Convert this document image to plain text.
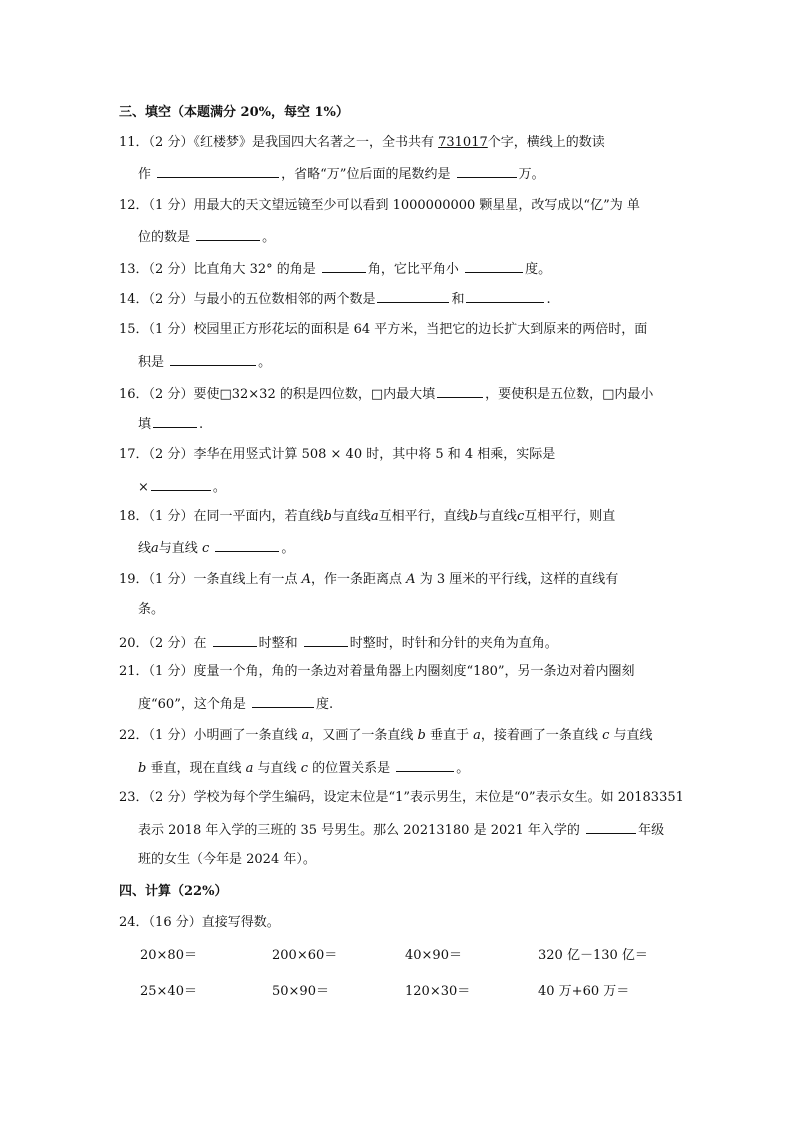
三、填空（本题满分 20%，每空 1%）
11．（2 分）《红楼梦》是我国四大名著之一，全书共有 731017个字，横线上的数读
作	，省略“万”位后面的尾数约是	万。
12．（1 分）用最大的天文望远镜至少可以看到 1000000000 颗星星，改写成以“亿”为 单
位的数是	。
13．（2 分）比直角大 32° 的角是	角，它比平角小	度。
14．（2 分）与最小的五位数相邻的两个数是	和	.
15．（1 分）校园里正方形花坛的面积是 64 平方米，当把它的边长扩大到原来的两倍时，面
积是	。
16．（2 分）要使□32×32 的积是四位数，□内最大填	，要使积是五位数，□内最小
填	.
17．（2 分）李华在用竖式计算 508 × 40 时，其中将 5 和 4 相乘，实际是
×	。
18．（1 分）在同一平面内，若直线b与直线a互相平行，直线b与直线c互相平行，则直
线a与直线 c	。
19．（1 分）一条直线上有一点 A，作一条距离点 A 为 3 厘米的平行线，这样的直线有
条。
20．（2 分）在	时整和	时整时，时针和分针的夹角为直角。
21．（1 分）度量一个角，角的一条边对着量角器上内圈刻度“180”，另一条边对着内圈刻
度“60”，这个角是	度.
22．（1 分）小明画了一条直线 a，又画了一条直线 b 垂直于 a，接着画了一条直线 c 与直线
b 垂直，现在直线 a 与直线 c 的位置关系是	。
23．（2 分）学校为每个学生编码，设定末位是“1”表示男生，末位是“0”表示女生。如 20183351
表示 2018 年入学的三班的 35 号男生。那么 20213180 是 2021 年入学的	年级
班的女生（今年是 2024 年）。
四、计算（22%）
24．（16 分）直接写得数。
20×80＝	200×60＝	40×90＝	320 亿－130 亿＝
25×40＝	50×90＝	120×30＝	40 万+60 万＝
